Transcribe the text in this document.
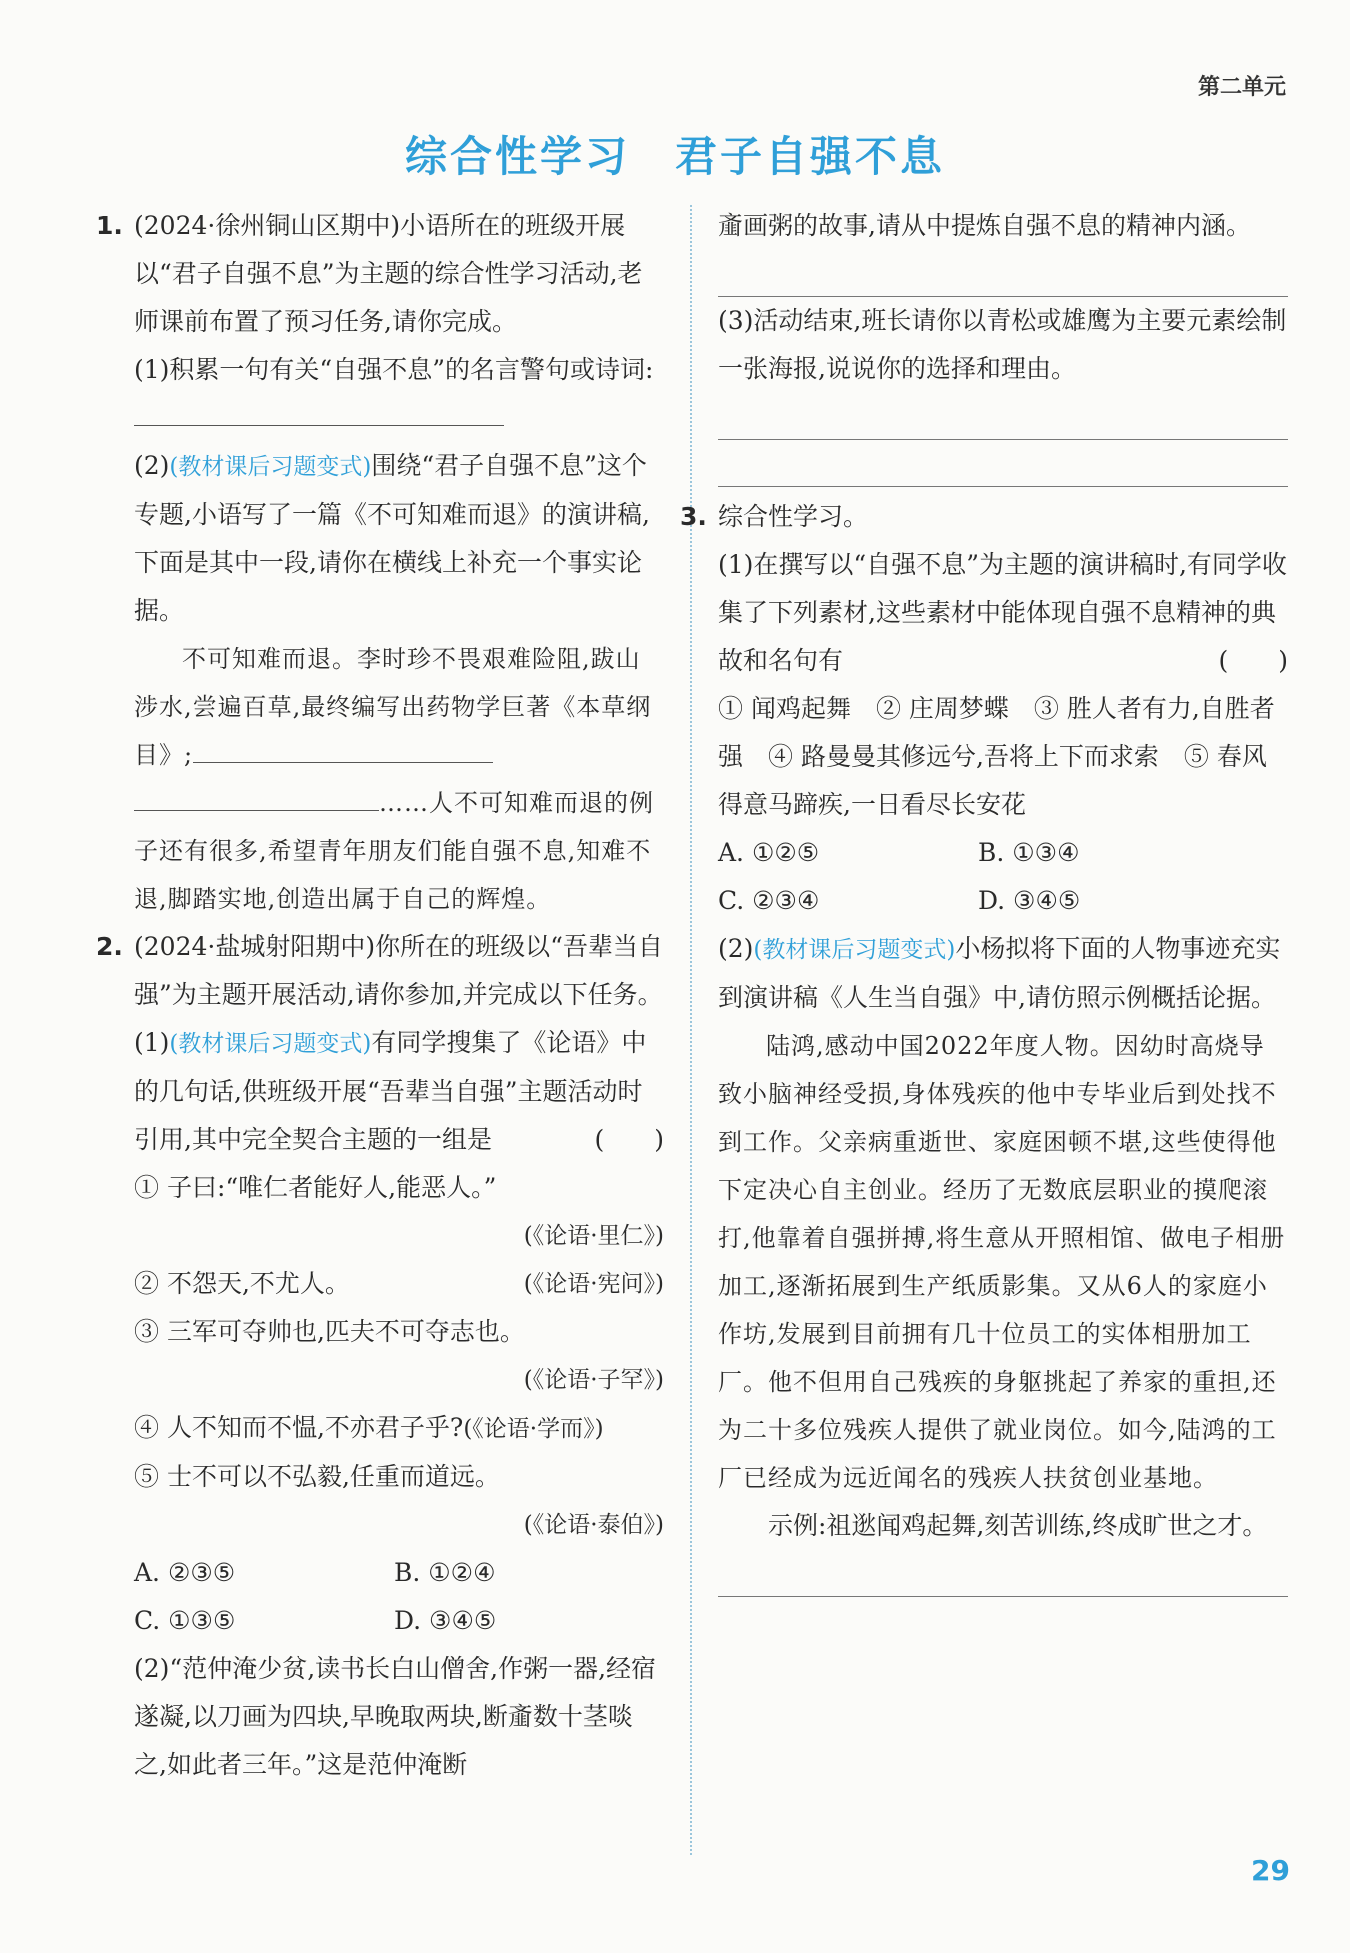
第二单元
综合性学习　君子自强不息
1. (2024·徐州铜山区期中)小语所在的班级开展以“君子自强不息”为主题的综合性学习活动,老师课前布置了预习任务,请你完成。

(1)积累一句有关“自强不息”的名言警句或诗词:

(2)(教材课后习题变式)围绕“君子自强不息”这个专题,小语写了一篇《不可知难而退》的演讲稿,下面是其中一段,请你在横线上补充一个事实论据。

不可知难而退。李时珍不畏艰难险阻,跋山涉水,尝遍百草,最终编写出药物学巨著《本草纲目》;……人不可知难而退的例子还有很多,希望青年朋友们能自强不息,知难不退,脚踏实地,创造出属于自己的辉煌。

2. (2024·盐城射阳期中)你所在的班级以“吾辈当自强”为主题开展活动,请你参加,并完成以下任务。

(1)(教材课后习题变式)有同学搜集了《论语》中的几句话,供班级开展“吾辈当自强”主题活动时引用,其中完全契合主题的一组是	(　　)

① 子曰:“唯仁者能好人,能恶人。”

(《论语·里仁》)

② 不怨天,不尤人。	(《论语·宪问》)

③ 三军可夺帅也,匹夫不可夺志也。

(《论语·子罕》)

④ 人不知而不愠,不亦君子乎?(《论语·学而》)

⑤ 士不可以不弘毅,任重而道远。

(《论语·泰伯》)

A. ②③⑤	B. ①②④
C. ①③⑤	D. ③④⑤

(2)“范仲淹少贫,读书长白山僧舍,作粥一器,经宿遂凝,以刀画为四块,早晚取两块,断齑数十茎啖之,如此者三年。”这是范仲淹断

齑画粥的故事,请从中提炼自强不息的精神内涵。

(3)活动结束,班长请你以青松或雄鹰为主要元素绘制一张海报,说说你的选择和理由。

3. 综合性学习。

(1)在撰写以“自强不息”为主题的演讲稿时,有同学收集了下列素材,这些素材中能体现自强不息精神的典故和名句有	(　　)

① 闻鸡起舞　② 庄周梦蝶　③ 胜人者有力,自胜者强　④ 路曼曼其修远兮,吾将上下而求索　⑤ 春风得意马蹄疾,一日看尽长安花

A. ①②⑤	B. ①③④
C. ②③④	D. ③④⑤

(2)(教材课后习题变式)小杨拟将下面的人物事迹充实到演讲稿《人生当自强》中,请仿照示例概括论据。

陆鸿,感动中国2022年度人物。因幼时高烧导致小脑神经受损,身体残疾的他中专毕业后到处找不到工作。父亲病重逝世、家庭困顿不堪,这些使得他下定决心自主创业。经历了无数底层职业的摸爬滚打,他靠着自强拼搏,将生意从开照相馆、做电子相册加工,逐渐拓展到生产纸质影集。又从6人的家庭小作坊,发展到目前拥有几十位员工的实体相册加工厂。他不但用自己残疾的身躯挑起了养家的重担,还为二十多位残疾人提供了就业岗位。如今,陆鸿的工厂已经成为远近闻名的残疾人扶贫创业基地。

示例:祖逖闻鸡起舞,刻苦训练,终成旷世之才。

29
